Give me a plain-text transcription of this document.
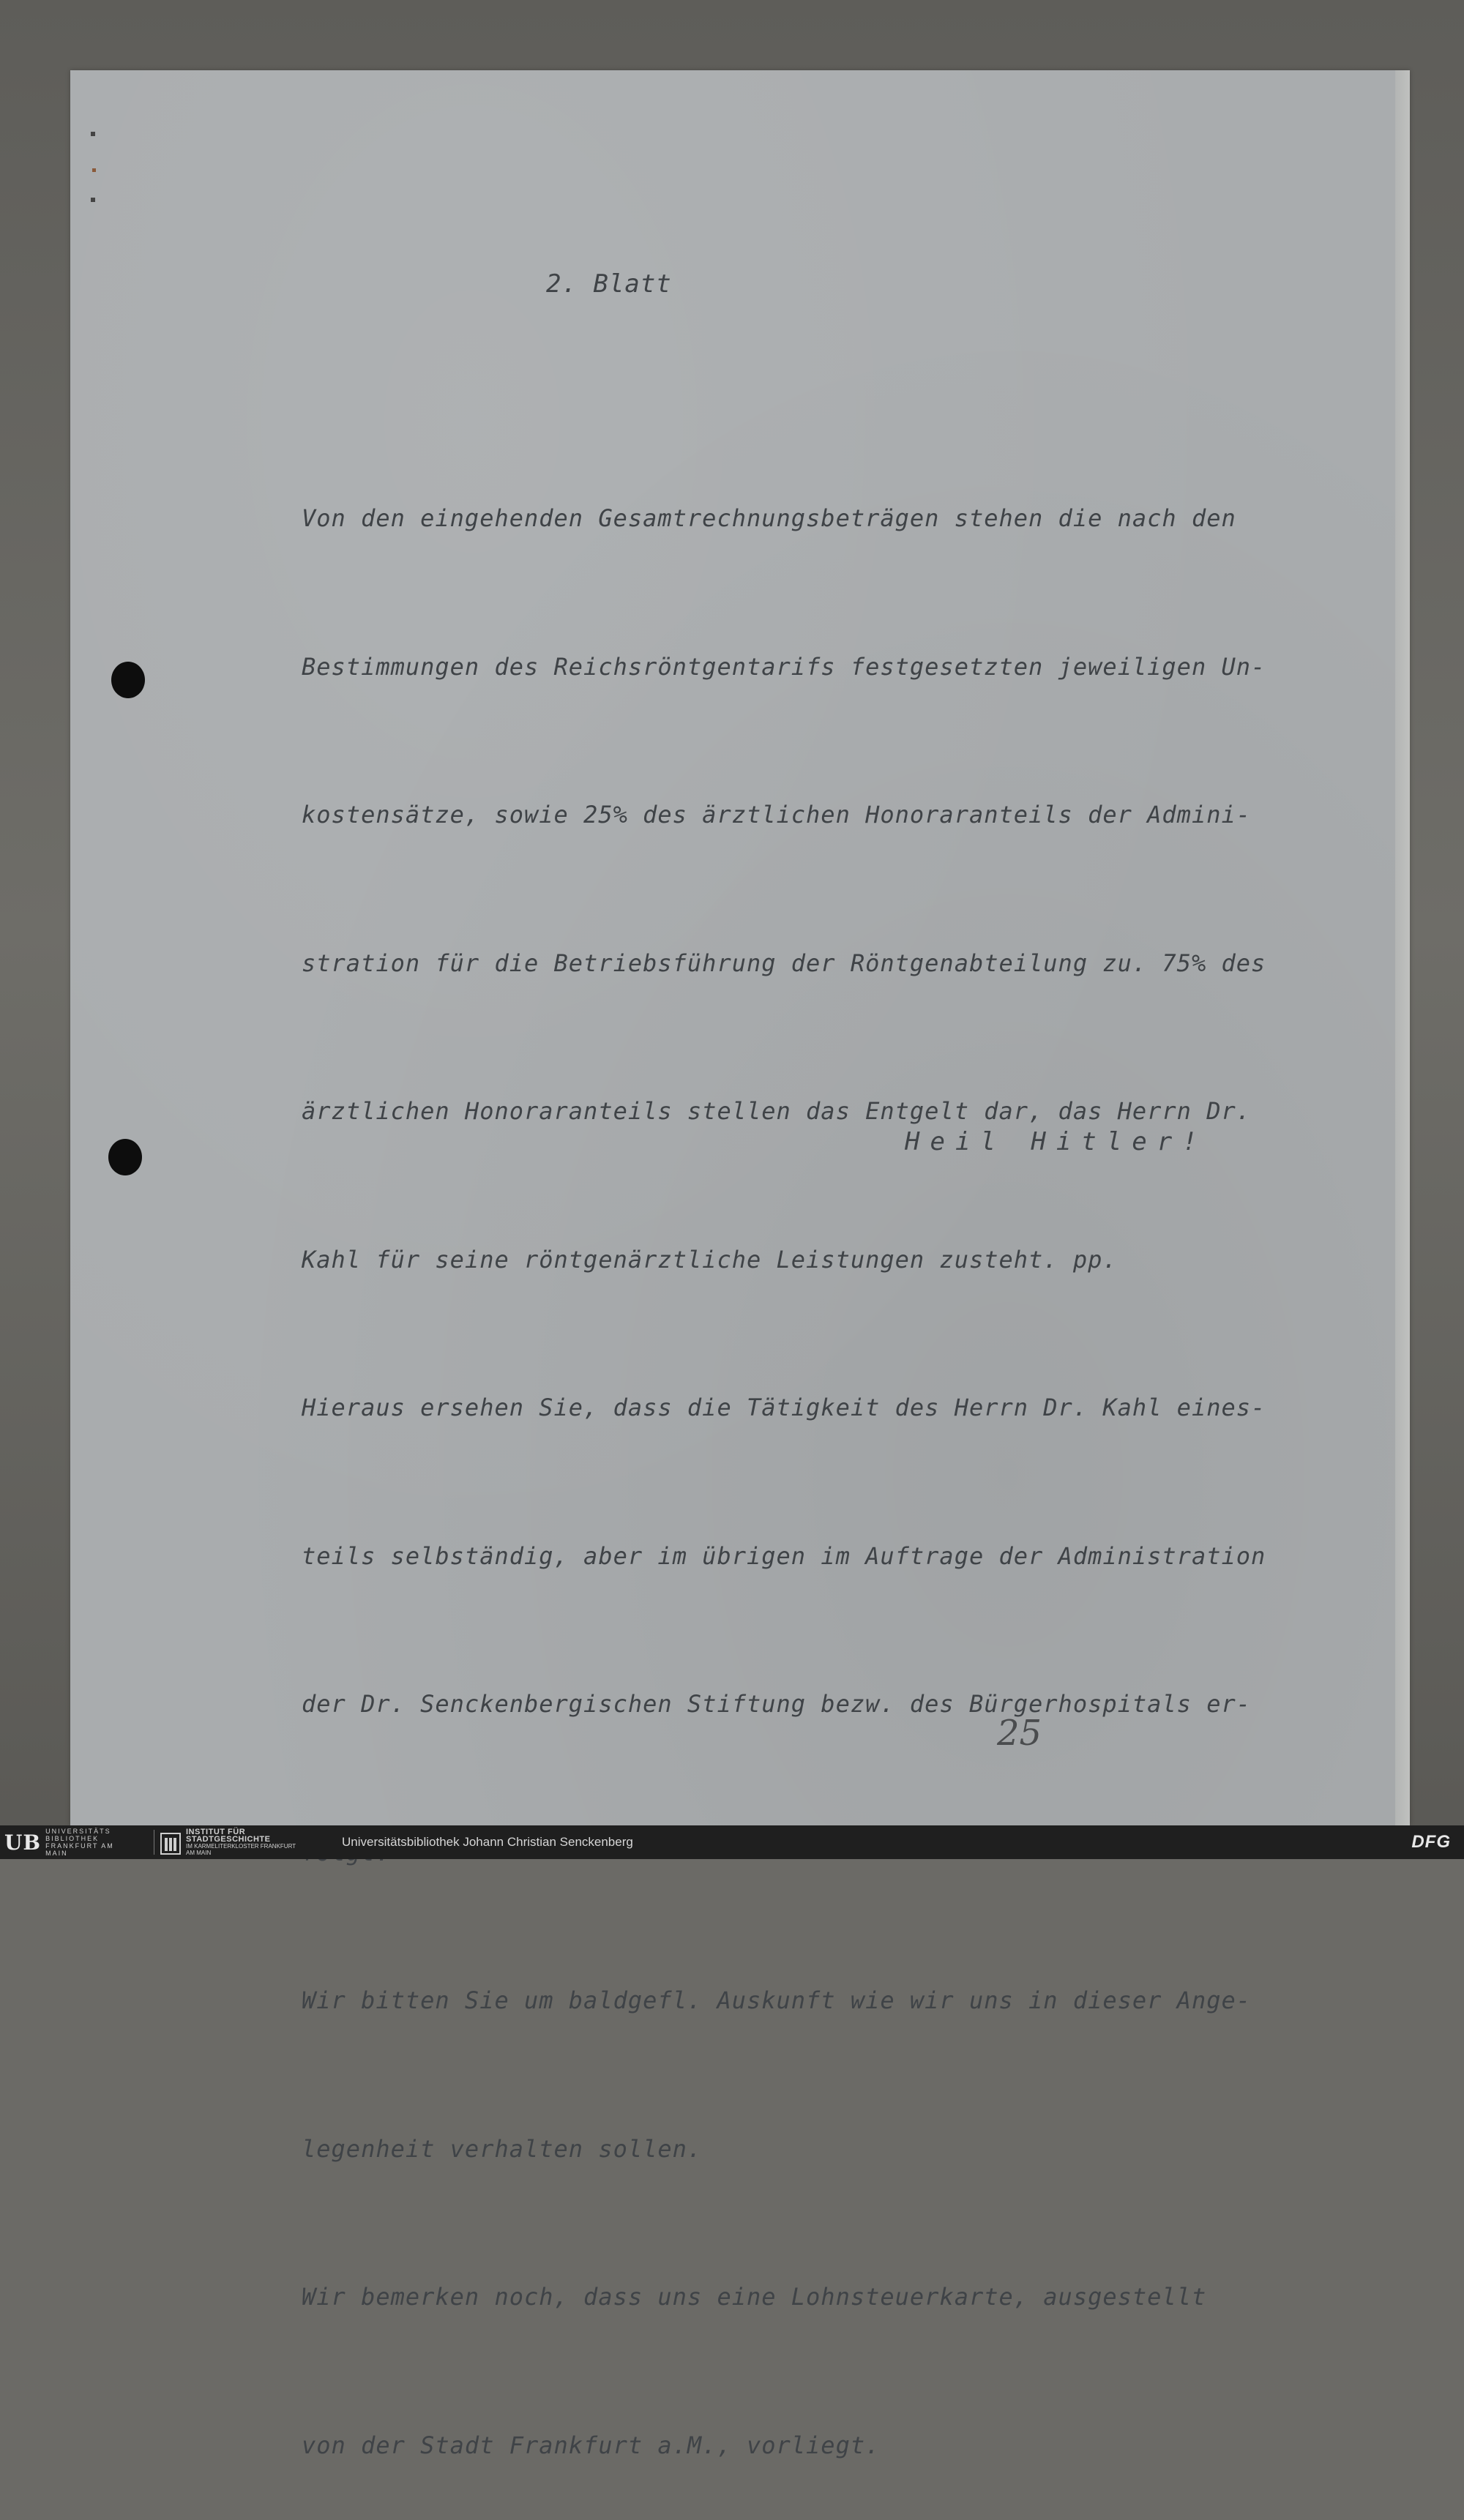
2. Blatt

Von den eingehenden Gesamtrechnungsbeträgen stehen die nach den

Bestimmungen des Reichsröntgentarifs festgesetzten jeweiligen Un-

kostensätze, sowie 25% des ärztlichen Honoraranteils der Admini-

stration für die Betriebsführung der Röntgenabteilung zu. 75% des

ärztlichen Honoraranteils stellen das Entgelt dar, das Herrn Dr.

Kahl für seine röntgenärztliche Leistungen zusteht. pp.

Hieraus ersehen Sie, dass die Tätigkeit des Herrn Dr. Kahl eines-

teils selbständig, aber im übrigen im Auftrage der Administration

der Dr. Senckenbergischen Stiftung bezw. des Bürgerhospitals er-

Wir bitten Sie um baldgefl. Auskunft wie wir uns in dieser Ange-

legenheit verhalten sollen.

Wir bemerken noch, dass uns eine Lohnsteuerkarte, ausgestellt

von der Stadt Frankfurt a.M., vorliegt.

Heil Hitler!
25
UB UNIVERSITÄTS BIBLIOTHEK FRANKFURT AM MAIN
INSTITUT FÜR STADTGESCHICHTE
IM KARMELITERKLOSTER FRANKFURT AM MAIN
Universitätsbibliothek Johann Christian Senckenberg	DFG
